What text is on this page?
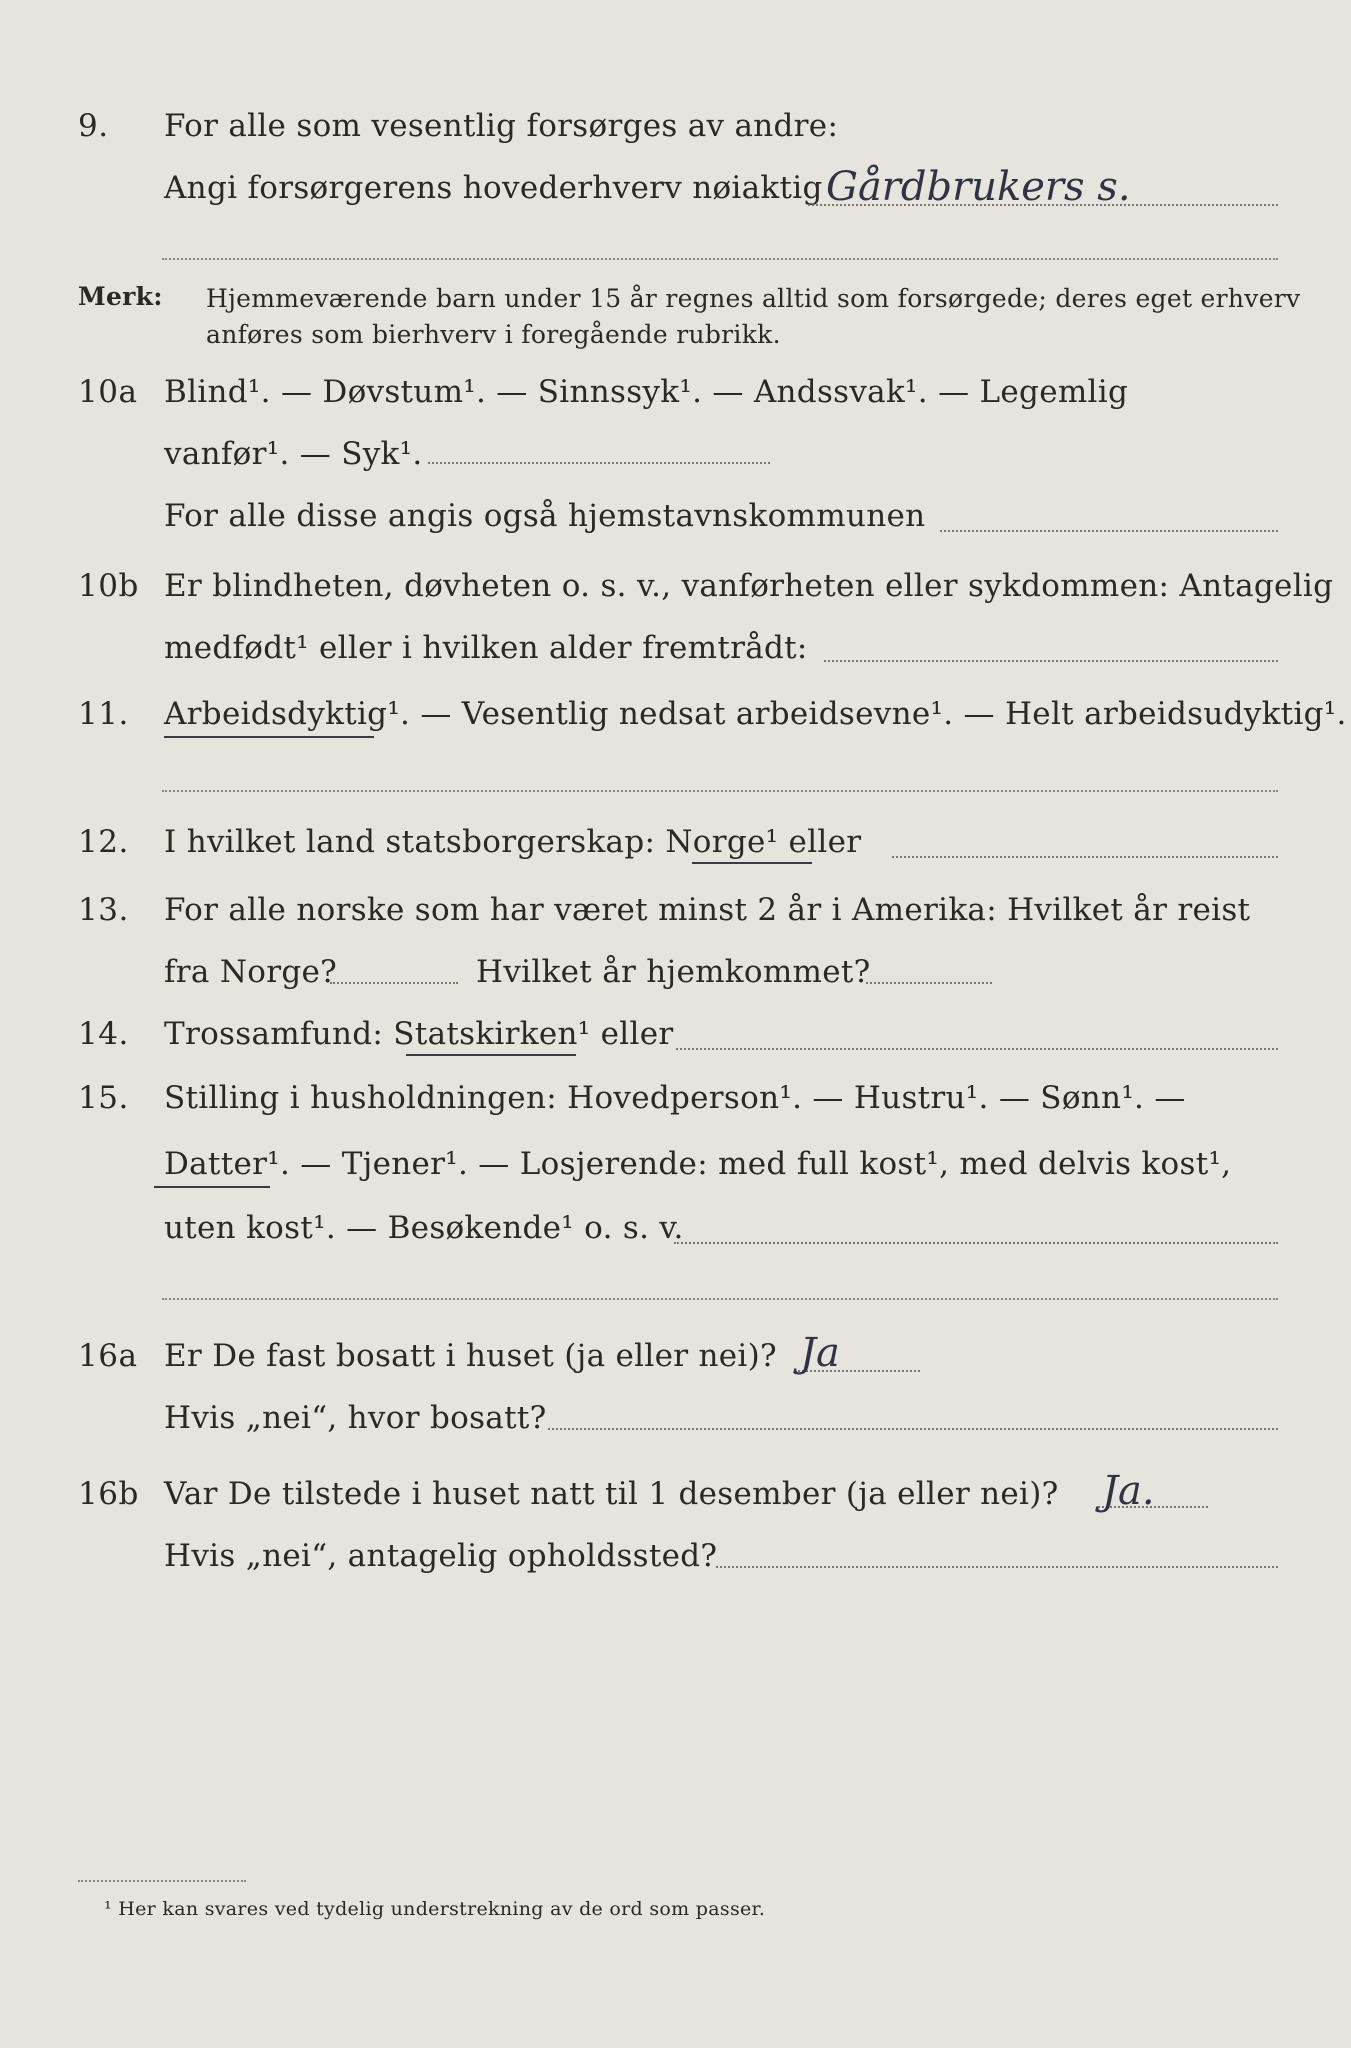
9. For alle som vesentlig forsørges av andre:
Angi forsørgerens hovederhverv nøiaktig Gårdbrukers s.
Merk: Hjemmeværende barn under 15 år regnes alltid som forsørgede; deres eget erhverv
anføres som bierhverv i foregående rubrikk.
10a Blind¹. — Døvstum¹. — Sinnssyk¹. — Andssvak¹. — Legemlig
vanfør¹. — Syk¹.
For alle disse angis også hjemstavnskommunen
10b Er blindheten, døvheten o. s. v., vanførheten eller sykdommen: Antagelig
medfødt¹ eller i hvilken alder fremtrådt:
11. Arbeidsdyktig¹. — Vesentlig nedsat arbeidsevne¹. — Helt arbeidsudyktig¹.
12. I hvilket land statsborgerskap: Norge¹ eller
13. For alle norske som har været minst 2 år i Amerika: Hvilket år reist
fra Norge?	Hvilket år hjemkommet?
14. Trossamfund: Statskirken¹ eller
15. Stilling i husholdningen: Hovedperson¹. — Hustru¹. — Sønn¹. —
Datter¹. — Tjener¹. — Losjerende: med full kost¹, med delvis kost¹,
uten kost¹. — Besøkende¹ o. s. v.
16a Er De fast bosatt i huset (ja eller nei)? Ja
Hvis „nei“, hvor bosatt?
16b Var De tilstede i huset natt til 1 desember (ja eller nei)? Ja.
Hvis „nei“, antagelig opholdssted?
¹ Her kan svares ved tydelig understrekning av de ord som passer.
